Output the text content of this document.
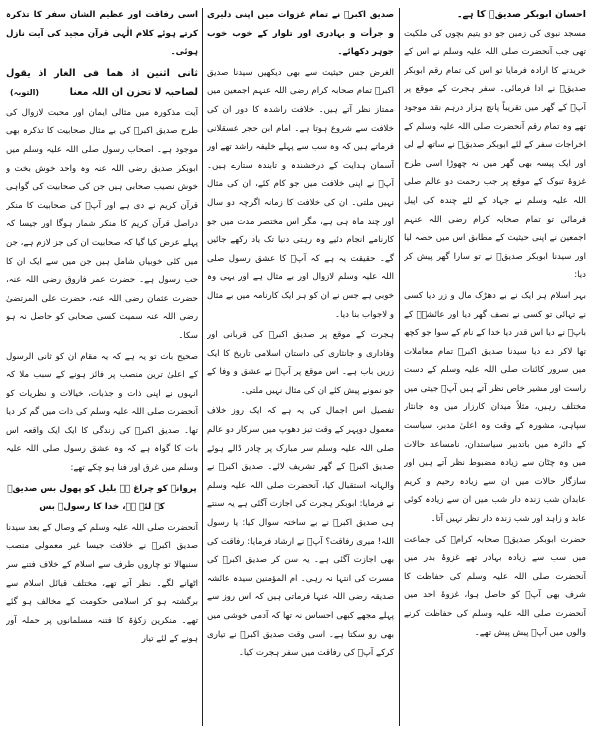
احسان ابوبکر صدیقؓ کا ہے۔

مسجد نبوی کی زمین جو دو یتیم بچوں کی ملکیت تھی جب آنحضرت صلی اللہ علیہ وسلم نے اس کے خریدنے کا ارادہ فرمایا تو اس کی تمام رقم ابوبکر صدیقؓ نے ادا فرمائی۔ سفر ہجرت کے موقع پر آپؓ کے گھر میں تقریباً پانچ ہزار درہم نقد موجود تھے وہ تمام رقم آنحضرت صلی اللہ علیہ وسلم کے اخراجات سفر کے لئے ابوبکر صدیقؓ نے ساتھ لے لی اور ایک پیسہ بھی گھر میں نہ چھوڑا اسی طرح غزوۂ تبوک کے موقع پر جب رحمت دو عالم صلی اللہ علیہ وسلم نے جہاد کے لئے چندہ کی اپیل فرمائی تو تمام صحابہ کرام رضی اللہ عنہم اجمعین نے اپنی حیثیت کے مطابق اس میں حصہ لیا اور سیدنا ابوبکر صدیقؓ نے تو سارا گھر پیش کر دیا:

بہر اسلام ہر ایک نے بے دھڑک مال و زر دیا کسی نے تہائی تو کسی نے نصف گھر دیا اور عائشہؓ کے باپؓ نے دیا اس قدر دیا خدا کے نام کے سوا جو کچھ تھا لاکر دے دیا سیدنا صدیق اکبرؓ تمام معاملات میں سرور کائنات صلی اللہ علیہ وسلم کے دست راست اور مشیر خاص نظر آتے ہیں آپؓ جیتی میں مختلف رہیں، مثلاً میدان کارزار میں وہ جانثار سپاہی، مشورہ کے وقت وہ اعلیٰ مدبر، سیاست کے دائرہ میں باتدبیر سیاستدان، نامساعد حالات میں وہ چٹان سے زیادہ مضبوط نظر آتے ہیں اور سازگار حالات میں ان سے زیادہ رحیم و کریم عابدان شب زندہ دار شب میں ان سے زیادہ کوئی عابد و زاہد اور شب زندہ دار نظر نہیں آتا۔

حضرت ابوبکر صدیقؓ صحابہ کرامؓ کی جماعت میں سب سے زیادہ بہادر تھے غزوۂ بدر میں آنحضرت صلی اللہ علیہ وسلم کی حفاظت کا شرف بھی آپؓ کو حاصل ہوا، غزوۂ احد میں آنحضرت صلی اللہ علیہ وسلم کی حفاظت کرنے والوں میں آپؓ پیش پیش تھے۔

صدیق اکبرؓ نے تمام غزوات میں اپنی دلیری و جرأت و بہادری اور تلوار کے خوب خوب جوہر دکھائے۔

الغرض جس حیثیت سے بھی دیکھیں سیدنا صدیق اکبرؓ تمام صحابہ کرام رضی اللہ عنہم اجمعین میں ممتاز نظر آتے ہیں۔ خلافت راشدہ کا دور ان کی خلافت سے شروع ہوتا ہے۔ امام ابن حجر عسقلانی فرماتے ہیں کہ وہ سب سے پہلے خلیفہ راشد تھے اور آسمان ہدایت کے درخشندہ و تابندہ ستارے ہیں۔ آپؓ نے اپنی خلافت میں جو کام کئے، ان کی مثال نہیں ملتی۔ ان کی خلافت کا زمانہ اگرچہ دو سال اور چند ماہ ہی ہے، مگر اس مختصر مدت میں جو کارنامے انجام دئیے وہ رہتی دنیا تک یاد رکھے جائیں گے۔ حقیقت یہ ہے کہ آپؓ کا عشق رسول صلی اللہ علیہ وسلم لازوال اور بے مثال ہے اور یہی وہ خوبی ہے جس نے ان کو ہر ایک کارنامہ میں بے مثال و لاجواب بنا دیا۔

ہجرت کے موقع پر صدیق اکبرؓ کی قربانی اور وفاداری و جانثاری کی داستان اسلامی تاریخ کا ایک زریں باب ہے۔ اس موقع پر آپؓ نے عشق و وفا کے جو نمونے پیش کئے ان کی مثال نہیں ملتی۔

تفصیل اس اجمال کی یہ ہے کہ ایک روز خلاف معمول دوپہر کے وقت تیز دھوپ میں سرکار دو عالم صلی اللہ علیہ وسلم سر مبارک پر چادر ڈالے ہوئے صدیق اکبرؓ کے گھر تشریف لائے۔ صدیق اکبرؓ نے والہانہ استقبال کیا، آنحضرت صلی اللہ علیہ وسلم نے فرمایا: ابوبکر ہجرت کی اجازت آگئی ہے یہ سنتے ہی صدیق اکبرؓ نے بے ساختہ سوال کیا: یا رسول اللہ! میری رفاقت؟ آپؐ نے ارشاد فرمایا: رفاقت کی بھی اجازت آگئی ہے۔ یہ سن کر صدیق اکبرؓ کی مسرت کی انتہا نہ رہی۔ ام المؤمنین سیدہ عائشہ صدیقہ رضی اللہ عنہا فرماتی ہیں کہ اس روز سے پہلے مجھے کبھی احساس نہ تھا کہ آدمی خوشی میں بھی رو سکتا ہے۔ اسی وقت صدیق اکبرؓ نے تیاری کرکے آپؐ کی رفاقت میں سفر ہجرت کیا۔

اسی رفاقت اور عظیم الشان سفر کا تذکرہ کرتے ہوئے کلام الٰہی قرآن مجید کی آیت نازل ہوئی۔

ثانی اثنین اذ ھما فی الغار اذ یقول لصاحبہ لا تحزن ان اللہ معنا
(التوبہ)

آیت مذکورہ میں مثالی ایمان اور محبت لازوال کی طرح صدیق اکبرؓ کی بے مثال صحابیت کا تذکرہ بھی موجود ہے۔ اصحاب رسول صلی اللہ علیہ وسلم میں ابوبکر صدیق رضی اللہ عنہ وہ واحد خوش بخت و خوش نصیب صحابی ہیں جن کی صحابیت کی گواہی قرآن کریم نے دی ہے اور آپؓ کی صحابیت کا منکر دراصل قرآن کریم کا منکر شمار ہوگا اور جیسا کہ پہلے عرض کیا گیا کہ صحابیت ان کی جز لازم ہے، جن میں کئی خوبیاں شامل ہیں جن میں سے ایک ان کا حب رسول ہے۔ حضرت عمر فاروق رضی اللہ عنہ، حضرت عثمان رضی اللہ عنہ، حضرت علی المرتضیٰ رضی اللہ عنہ سمیت کسی صحابی کو حاصل نہ ہو سکا۔

صحیح بات تو یہ ہے کہ یہ مقام ان کو ثانی الرسول کے اعلیٰ ترین منصب پر فائز ہونے کے سبب ملا کہ انہوں نے اپنی ذات و جذبات، خیالات و نظریات کو آنحضرت صلی اللہ علیہ وسلم کی ذات میں گم کر دیا تھا۔ صدیق اکبرؓ کی زندگی کا ایک ایک واقعہ اس بات کا گواہ ہے کہ وہ عشق رسول صلی اللہ علیہ وسلم میں غرق اور فنا ہو چکے تھے:

پروانے کو چراغ ہے بلبل کو پھول بس صدیقؓ کے لئے ہے، خدا کا رسولؐ بس

آنحضرت صلی اللہ علیہ وسلم کے وصال کے بعد سیدنا صدیق اکبرؓ نے خلافت جیسا غیر معمولی منصب سنبھالا تو چاروں طرف سے اسلام کے خلاف فتنے سر اٹھانے لگے۔ نظر آتے تھے، مختلف قبائل اسلام سے برگشتہ ہو کر اسلامی حکومت کے مخالف ہو گئے تھے۔ منکرین زکوٰۃ کا فتنہ مسلمانوں پر حملہ آور ہونے کے لئے تیار
